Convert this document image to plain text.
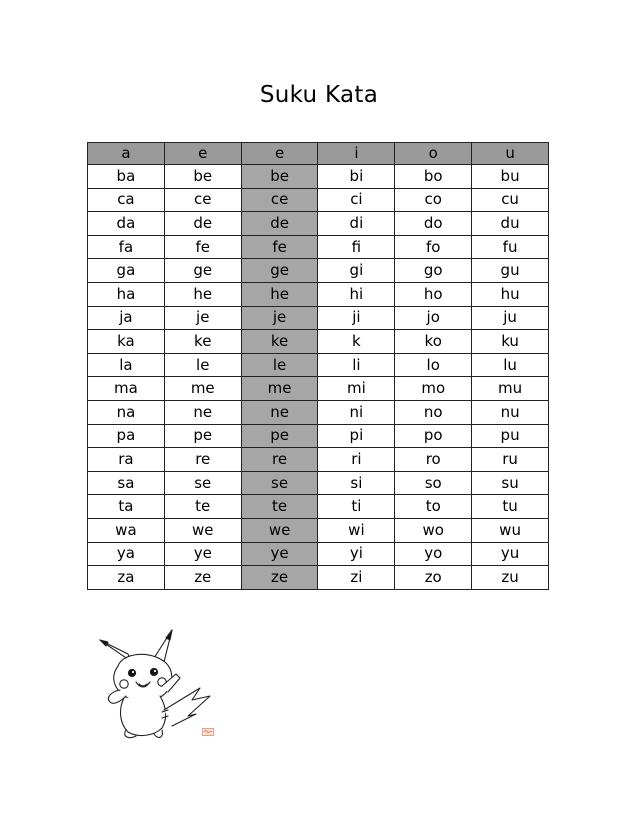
Suku Kata
a	e	e	i	o	u
ba	be	be	bi	bo	bu
ca	ce	ce	ci	co	cu
da	de	de	di	do	du
fa	fe	fe	fi	fo	fu
ga	ge	ge	gi	go	gu
ha	he	he	hi	ho	hu
ja	je	je	ji	jo	ju
ka	ke	ke	k	ko	ku
la	le	le	li	lo	lu
ma	me	me	mi	mo	mu
na	ne	ne	ni	no	nu
pa	pe	pe	pi	po	pu
ra	re	re	ri	ro	ru
sa	se	se	si	so	su
ta	te	te	ti	to	tu
wa	we	we	wi	wo	wu
ya	ye	ye	yi	yo	yu
za	ze	ze	zi	zo	zu
